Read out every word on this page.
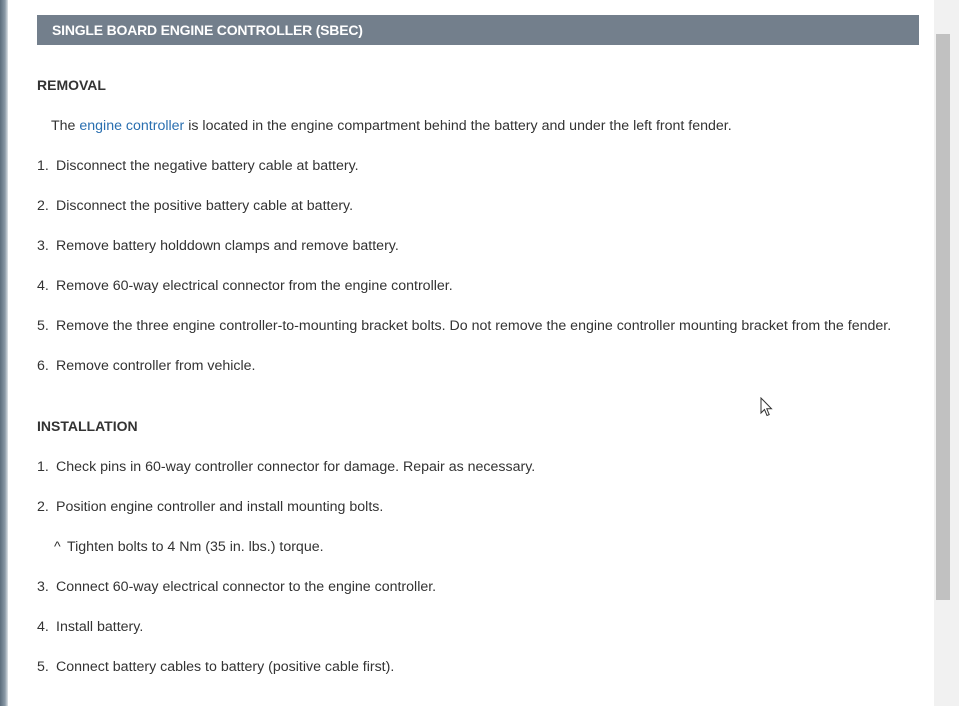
SINGLE BOARD ENGINE CONTROLLER (SBEC)
REMOVAL
The engine controller is located in the engine compartment behind the battery and under the left front fender.
1. Disconnect the negative battery cable at battery.
2. Disconnect the positive battery cable at battery.
3. Remove battery holddown clamps and remove battery.
4. Remove 60-way electrical connector from the engine controller.
5. Remove the three engine controller-to-mounting bracket bolts. Do not remove the engine controller mounting bracket from the fender.
6. Remove controller from vehicle.
INSTALLATION
1. Check pins in 60-way controller connector for damage. Repair as necessary.
2. Position engine controller and install mounting bolts.
^ Tighten bolts to 4 Nm (35 in. lbs.) torque.
3. Connect 60-way electrical connector to the engine controller.
4. Install battery.
5. Connect battery cables to battery (positive cable first).
